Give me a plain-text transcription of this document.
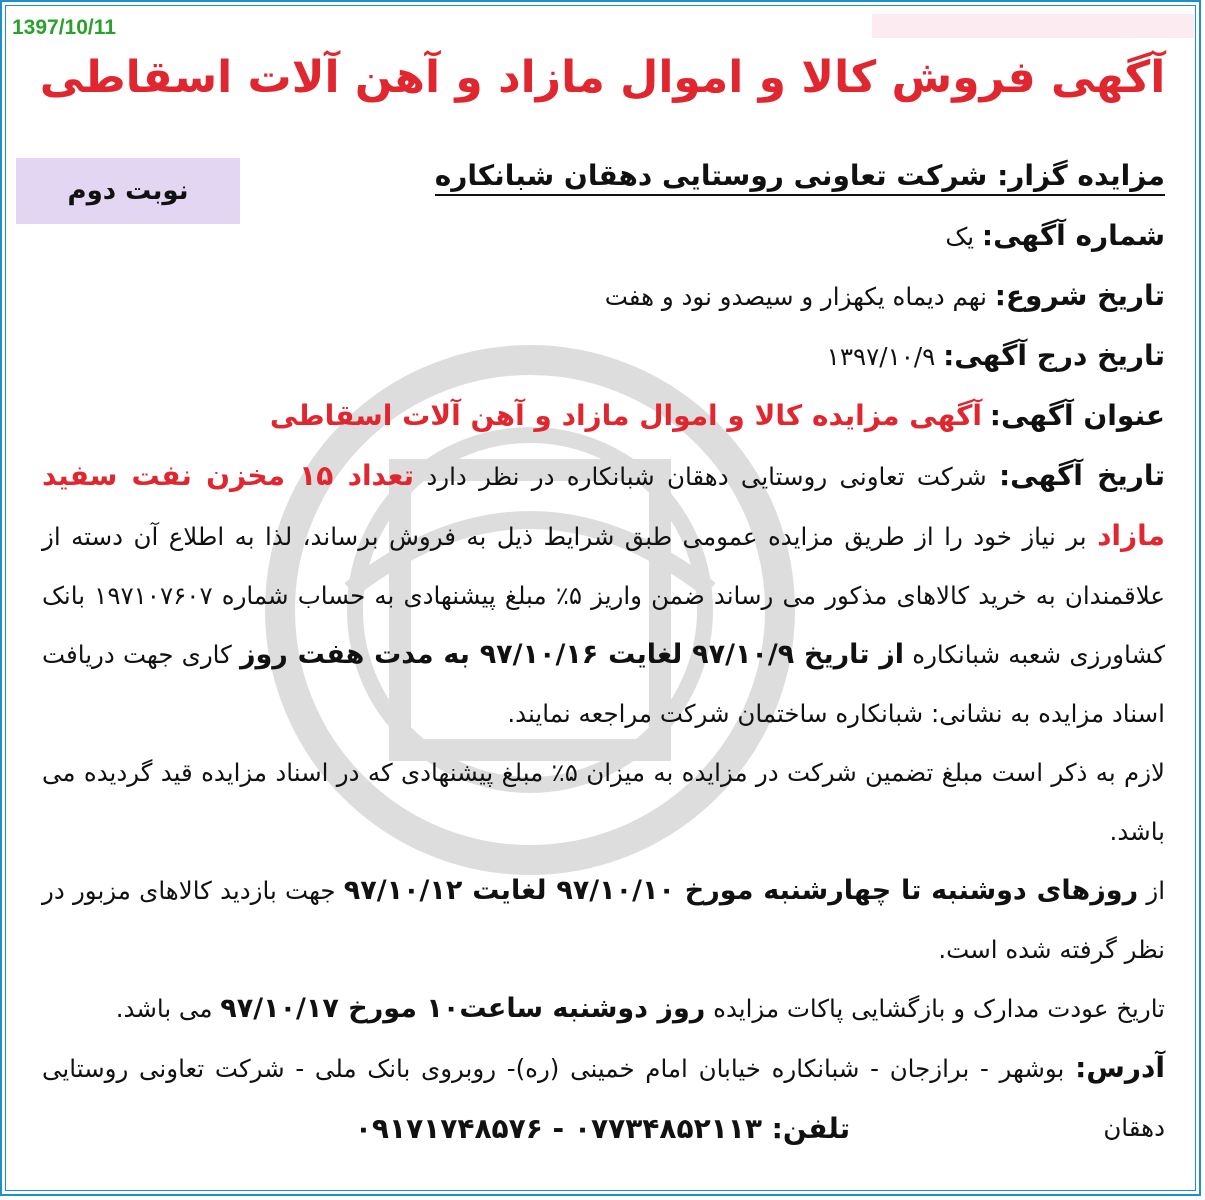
1397/10/11
آگهی فروش کالا و اموال مازاد و آهن آلات اسقاطی
نوبت دوم	مزایده گزار: شرکت تعاونی روستایی دهقان شبانکاره

شماره آگهی: یک

تاریخ شروع: نهم دیماه یکهزار و سیصدو نود و هفت

تاریخ درج آگهی: ۱۳۹۷/۱۰/۹

عنوان آگهی: آگهی مزایده کالا و اموال مازاد و آهن آلات اسقاطی

تاریخ آگهی: شرکت تعاونی روستایی دهقان شبانکاره در نظر دارد تعداد ۱۵ مخزن نفت سفید مازاد بر نیاز خود را از طریق مزایده عمومی طبق شرایط ذیل به فروش برساند، لذا به اطلاع آن دسته از علاقمندان به خرید کالاهای مذکور می رساند ضمن واریز ۵٪ مبلغ پیشنهادی به حساب شماره ۱۹۷۱۰۷۶۰۷ بانک کشاورزی شعبه شبانکاره از تاریخ ۹۷/۱۰/۹ لغایت ۹۷/۱۰/۱۶ به مدت هفت روز کاری جهت دریافت اسناد مزایده به نشانی: شبانکاره ساختمان شرکت مراجعه نمایند.

لازم به ذکر است مبلغ تضمین شرکت در مزایده به میزان ۵٪ مبلغ پیشنهادی که در اسناد مزایده قید گردیده می باشد.

از روزهای دوشنبه تا چهارشنبه مورخ ۹۷/۱۰/۱۰ لغایت ۹۷/۱۰/۱۲ جهت بازدید کالاهای مزبور در نظر گرفته شده است.

تاریخ عودت مدارک و بازگشایی پاکات مزایده روز دوشنبه ساعت۱۰ مورخ ۹۷/۱۰/۱۷ می باشد.

آدرس: بوشهر - برازجان - شبانکاره خیابان امام خمینی (ره)- روبروی بانک ملی - شرکت تعاونی روستایی دهقان

تلفن: ۰۷۷۳۴۸۵۲۱۱۳ - ۰۹۱۷۱۷۴۸۵۷۶
